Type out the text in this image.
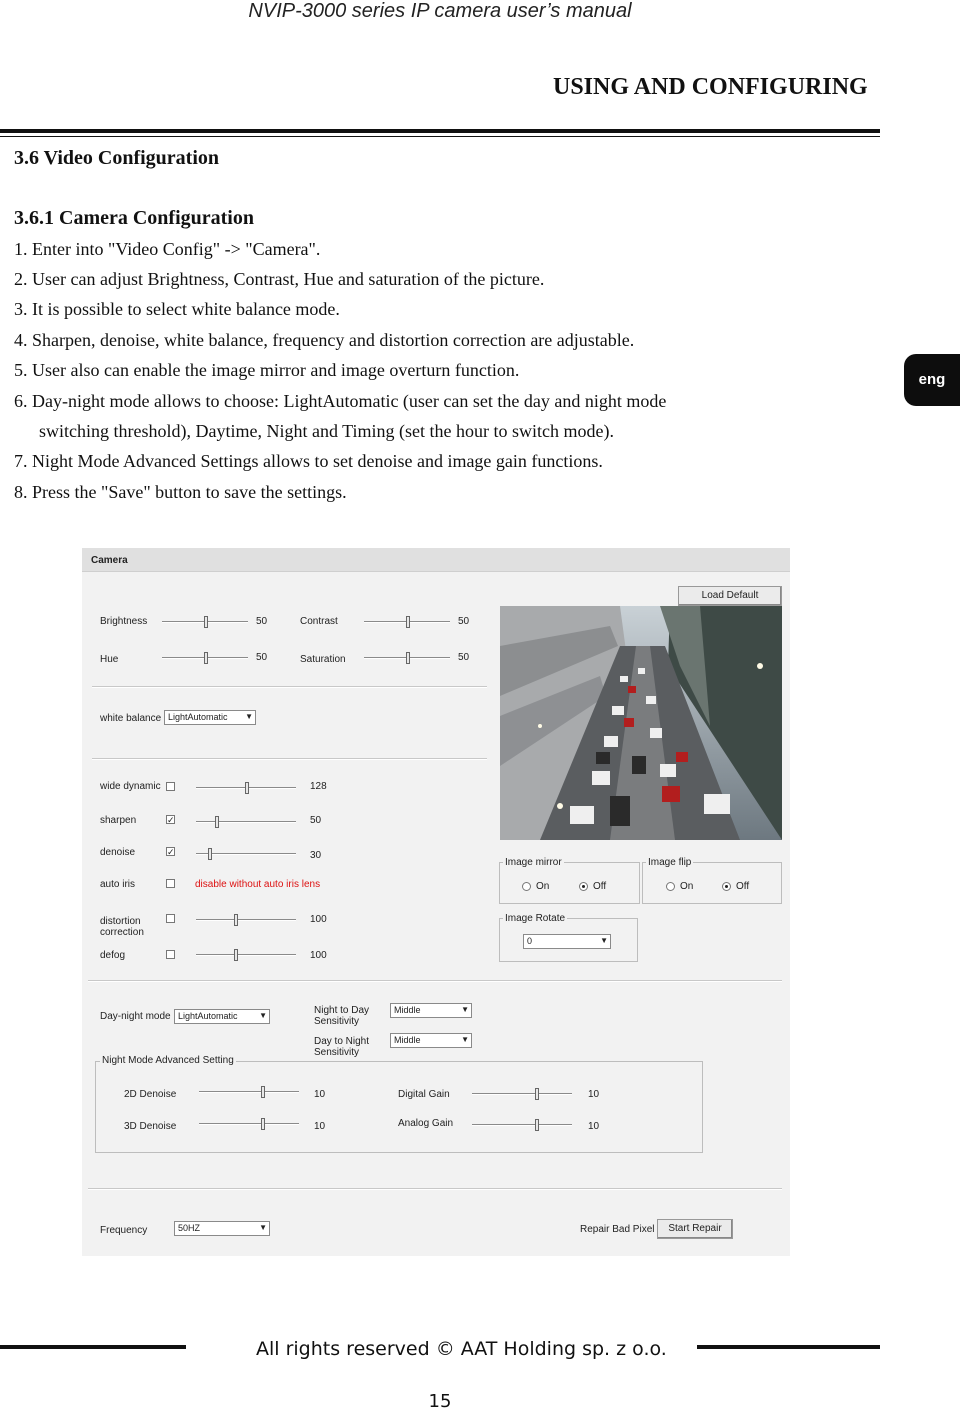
NVIP-3000 series IP camera user’s manual
USING AND CONFIGURING
3.6 Video Configuration
3.6.1 Camera Configuration
1. Enter into "Video Config" -> "Camera".
2. User can adjust Brightness, Contrast, Hue and saturation of the picture.
3. It is possible to select white balance mode.
4. Sharpen, denoise, white balance, frequency and distortion correction are adjustable.
5. User also can enable the image mirror and image overturn function.
6. Day-night mode allows to choose: LightAutomatic (user can set the day and night mode
switching threshold), Daytime, Night and Timing (set the hour to switch mode).
7. Night Mode Advanced Settings allows to set denoise and image gain functions.
8. Press the "Save" button to save the settings.
eng
Camera
Load Default
Brightness	50	Contrast	50
Hue	50	Saturation	50
white balance LightAutomatic ▼
wide dynamic	128
sharpen	✓	50
denoise	✓	30
auto iris	disable without auto iris lens
distortion
correction
100
defog	100
Image mirror
On	Off
Image flip
On	Off
Image Rotate
0	▼
Day-night mode LightAutomatic	▼	Night to Day
Sensitivity
Middle	▼
Day to Night
Sensitivity
Middle	▼
Night Mode Advanced Setting
2D Denoise	10
3D Denoise	10
Digital Gain	10
Analog Gain	10
Frequency	50HZ	▼	Repair Bad Pixel	Start Repair
All rights reserved © AAT Holding sp. z o.o.
15
